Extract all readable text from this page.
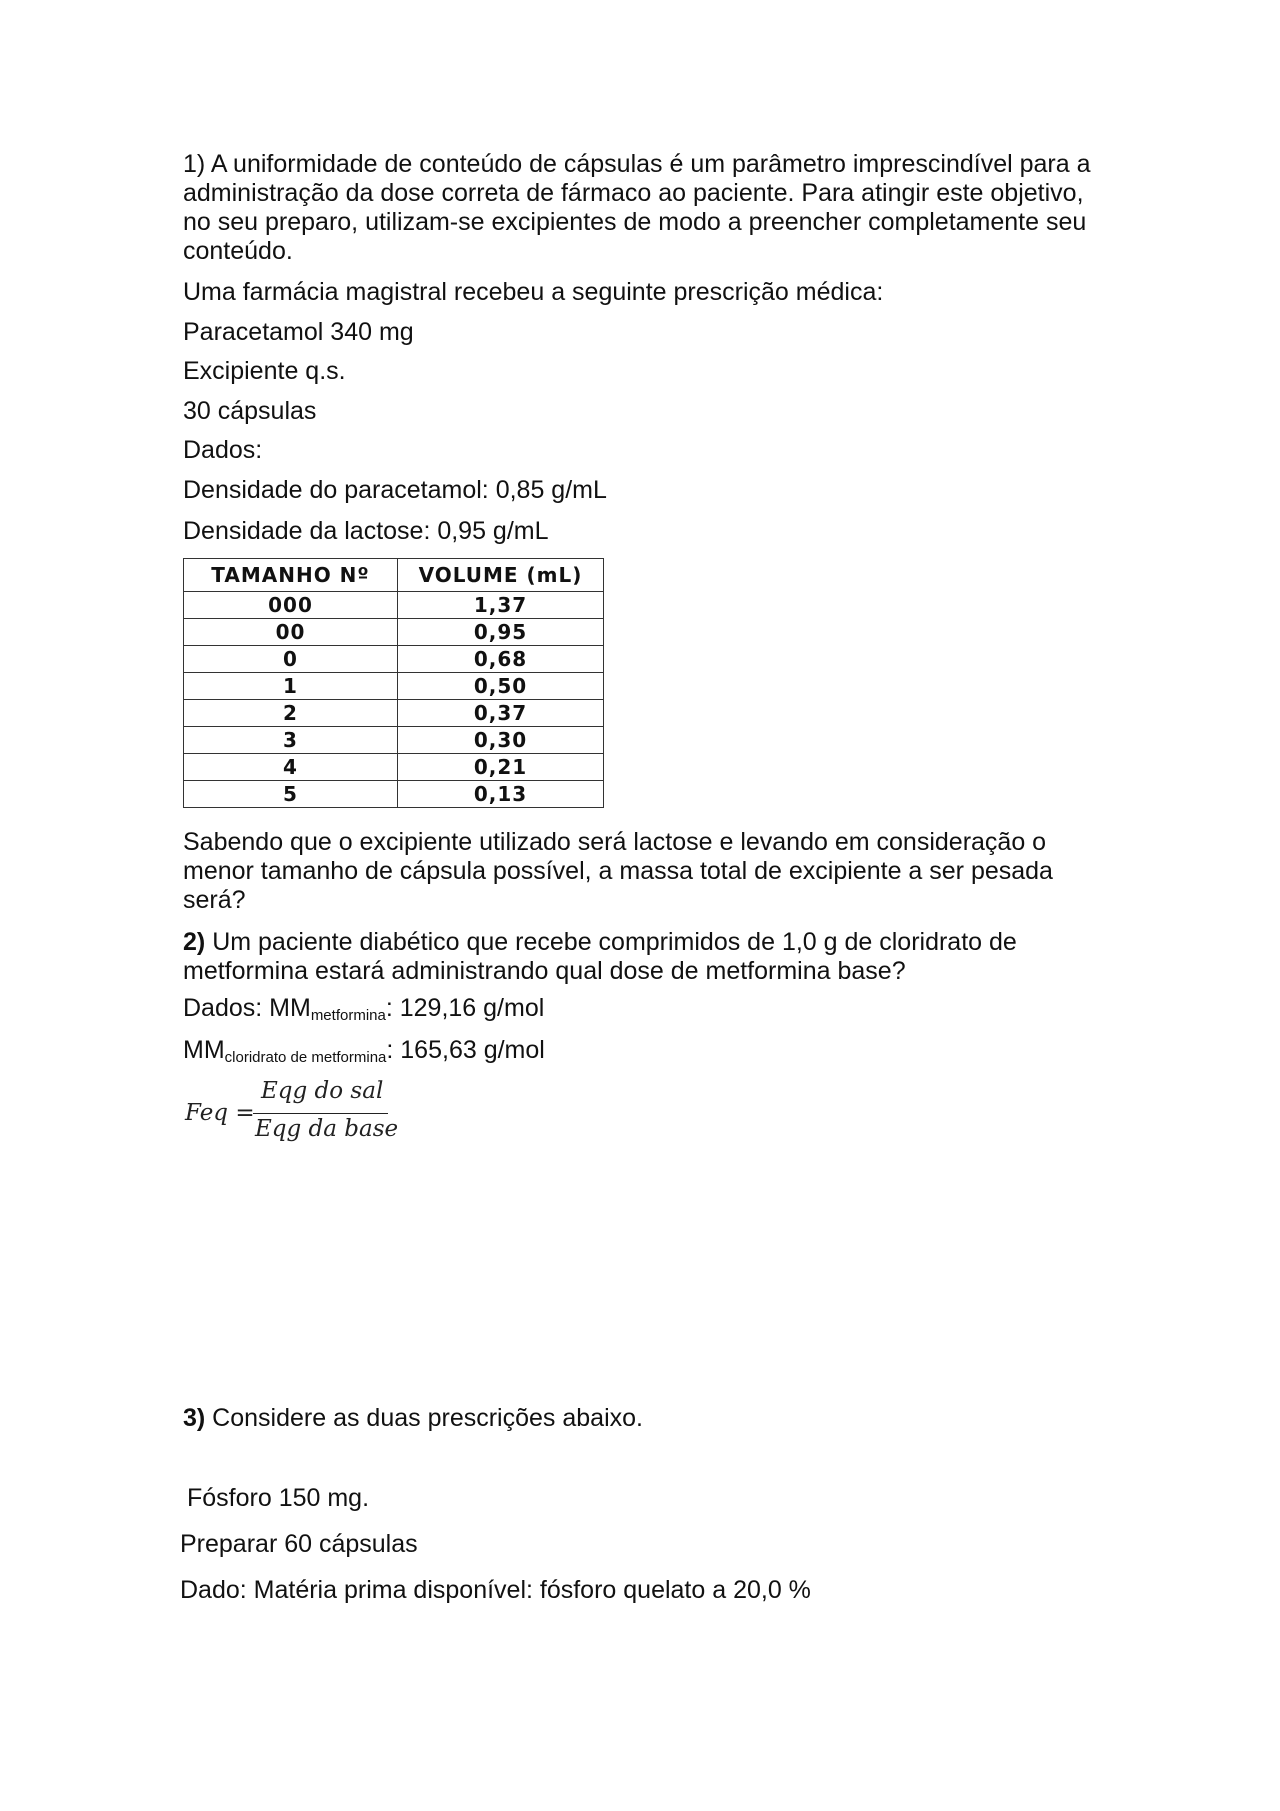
1) A uniformidade de conteúdo de cápsulas é um parâmetro imprescindível para a administração da dose correta de fármaco ao paciente. Para atingir este objetivo, no seu preparo, utilizam-se excipientes de modo a preencher completamente seu conteúdo.

Uma farmácia magistral recebeu a seguinte prescrição médica:

Paracetamol 340 mg

Excipiente q.s.

30 cápsulas

Dados:

Densidade do paracetamol: 0,85 g/mL

Densidade da lactose: 0,95 g/mL

TAMANHO Nº	VOLUME (mL)
000	1,37
00	0,95
0	0,68
1	0,50
2	0,37
3	0,30
4	0,21
5	0,13

Sabendo que o excipiente utilizado será lactose e levando em consideração o menor tamanho de cápsula possível, a massa total de excipiente a ser pesada será?

2) Um paciente diabético que recebe comprimidos de 1,0 g de cloridrato de metformina estará administrando qual dose de metformina base?

Dados: $MM_{metformina}$: 129,16 g/mol

$MM_{cloridrato de metformina}$: 165,63 g/mol

Feq =
Eqg do sal
Eqg da base

3) Considere as duas prescrições abaixo.

Fósforo 150 mg.

Preparar 60 cápsulas

Dado: Matéria prima disponível: fósforo quelato a 20,0 %
